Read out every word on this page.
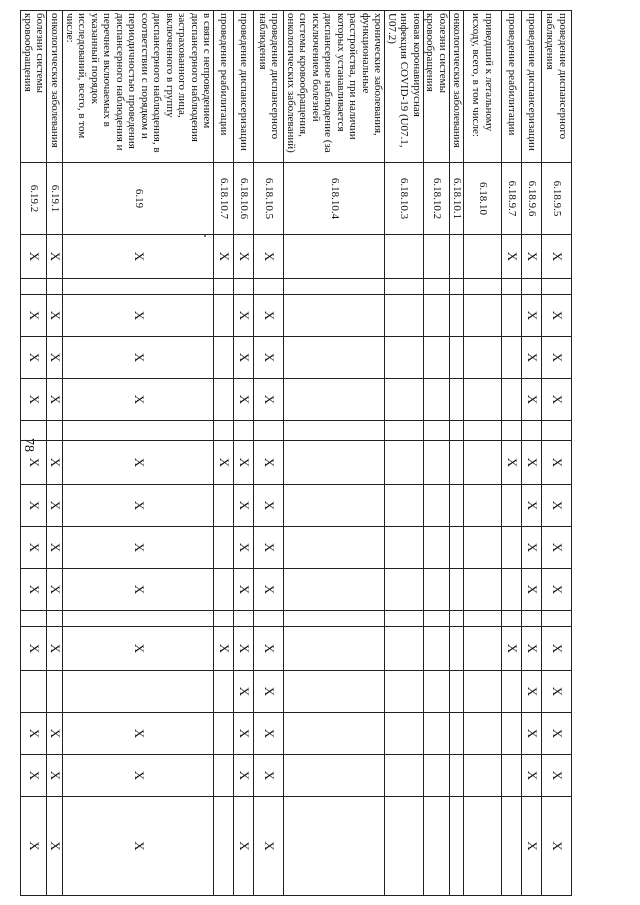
78
проведение диспансерного наблюдения	6.18.9.5	X		X	X	X		X	X	X	X		X	X	X	X	X
проведение диспансеризации	6.18.9.6	X		X	X	X		X	X	X	X		X	X	X	X	X
проведение реабилитации	6.18.9.7	X						X					X				
приведший к летальному исходу, всего, в том числе:	6.18.10																
онкологические заболевания	6.18.10.1																
болезни системы кровообращения	6.18.10.2																
новая коронавирусная инфекция COVID-19 (U07.1, U07.2)	6.18.10.3																
хронические заболевания, функциональные расстройства, при наличии которых устанавливается диспансерное наблюдение (за исключением болезней системы кровообращения, онкологических заболеваний)	6.18.10.4																
проведение диспансерного наблюдения	6.18.10.5	X		X	X	X		X	X	X	X		X	X	X	X	X
проведение диспансеризации	6.18.10.6	X		X	X	X		X	X	X	X		X	X	X	X	X
проведение реабилитации	6.18.10.7	X						X					X				
в связи с непроведением диспансерного наблюдения застрахованного лица, включенного в группу диспансерного наблюдения, в соответствии с порядком и периодичностью проведения диспансерного наблюдения и перечнем включаемых в указанный порядок исследований, всего, в том числе:	6.19	X		X	X	X		X	X	X	X		X		X	X	X
онкологические заболевания	6.19.1	X		X	X	X		X	X	X	X		X		X	X	X
болезни системы кровообращения	6.19.2	X		X	X	X		X	X	X	X		X		X	X	X
